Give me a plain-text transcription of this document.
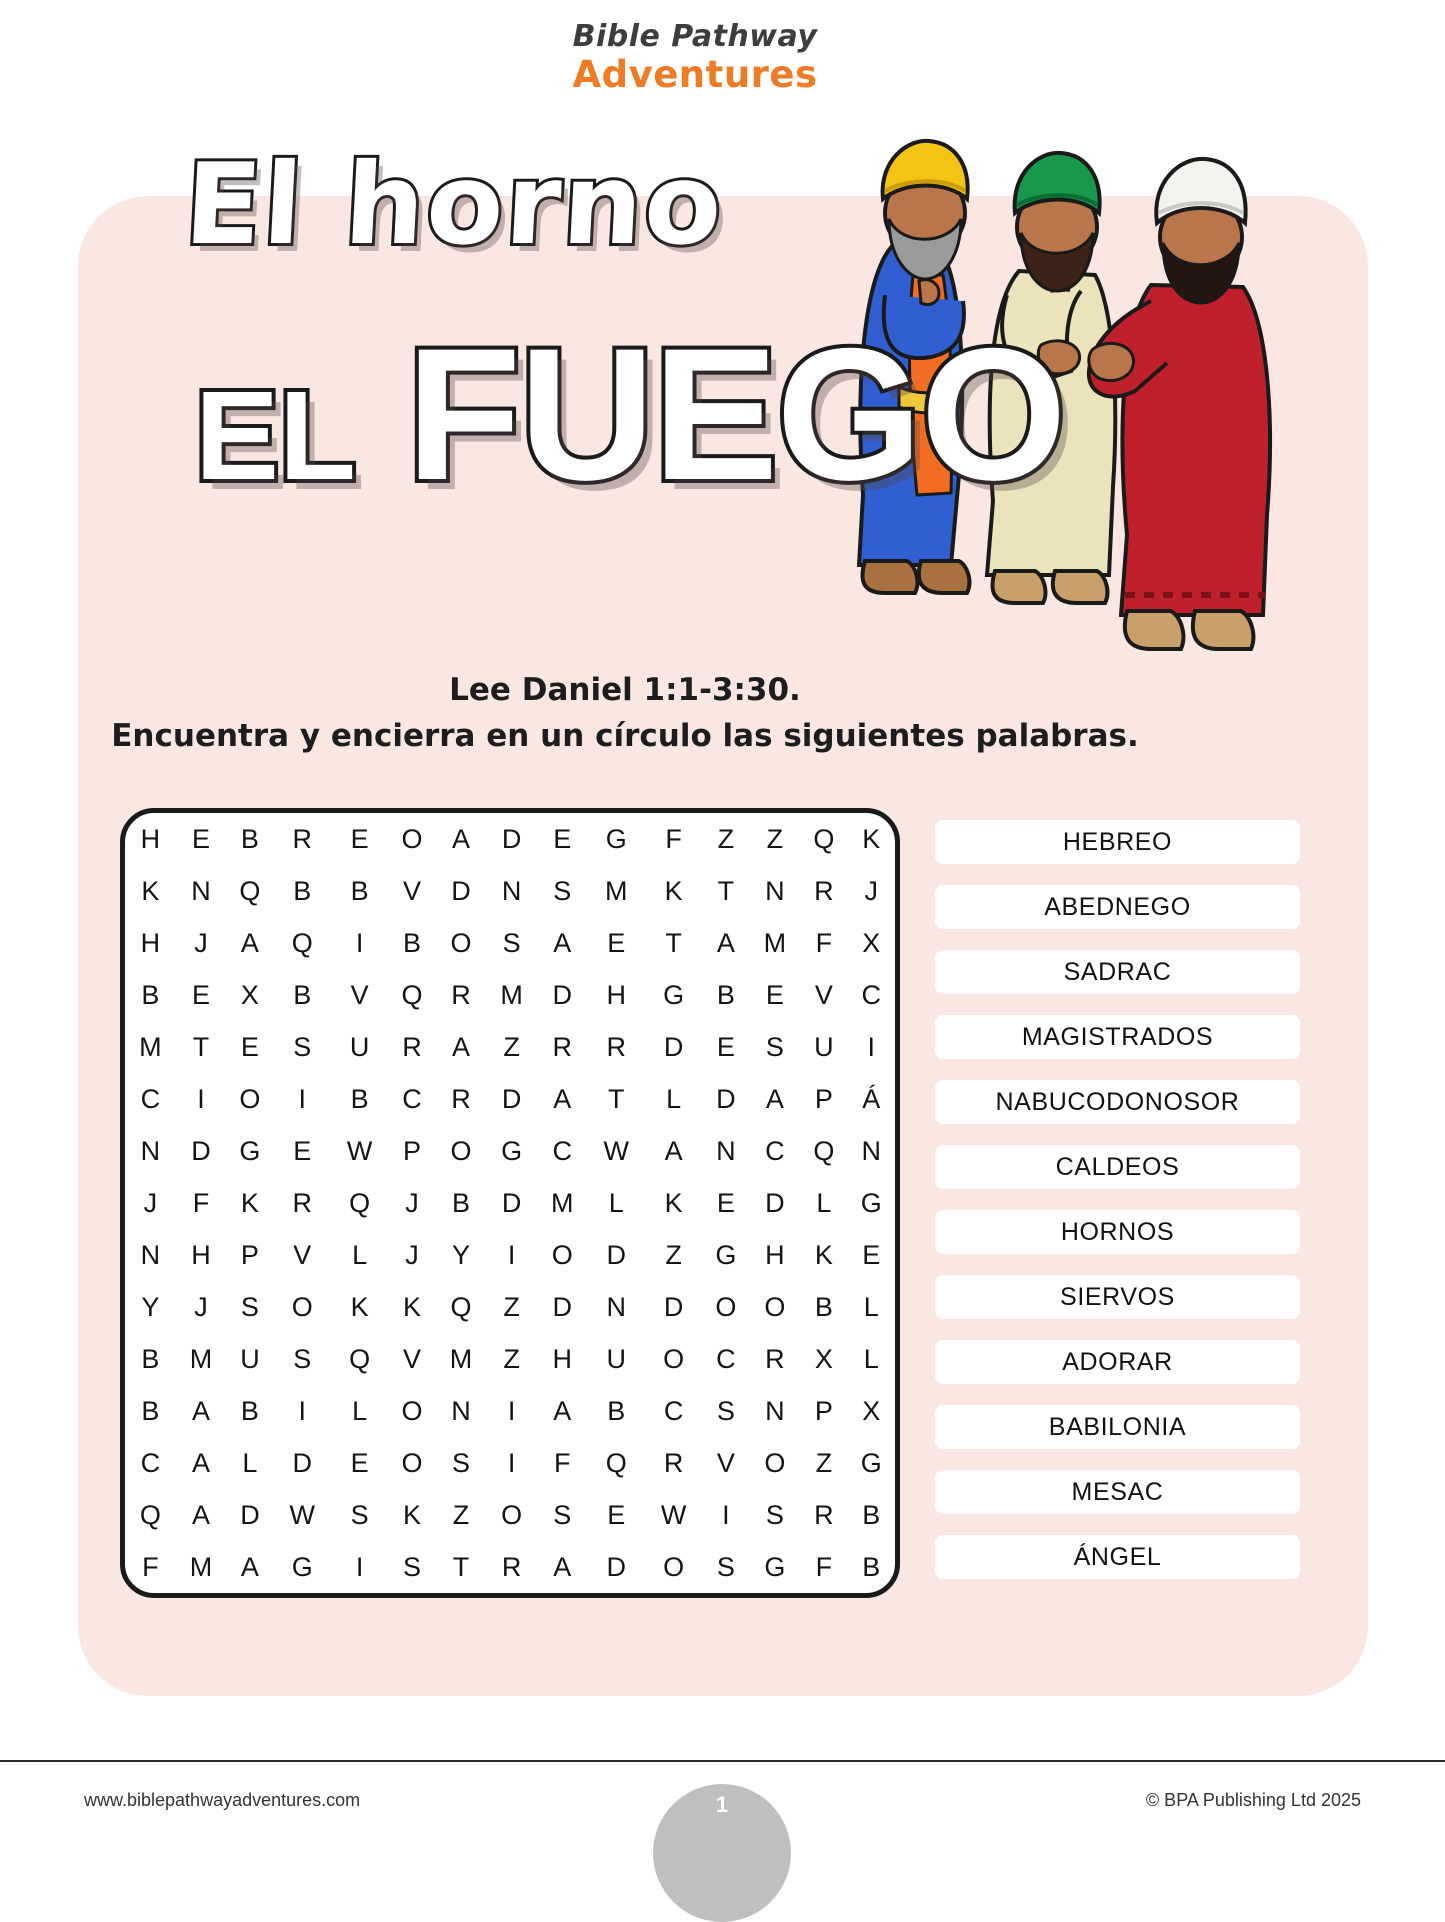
Bible Pathway
Adventures
El horno
EL FUEGO
Lee Daniel 1:1-3:30.
Encuentra y encierra en un círculo las siguientes palabras.
H	E	B	R	E	O	A	D	E	G	F	Z	Z	Q	K
K	N	Q	B	B	V	D	N	S	M	K	T	N	R	J
H	J	A	Q	I	B	O	S	A	E	T	A	M	F	X
B	E	X	B	V	Q	R	M	D	H	G	B	E	V	C
M	T	E	S	U	R	A	Z	R	R	D	E	S	U	I
C	I	O	I	B	C	R	D	A	T	L	D	A	P	Á
N	D	G	E	W	P	O	G	C	W	A	N	C	Q	N
J	F	K	R	Q	J	B	D	M	L	K	E	D	L	G
N	H	P	V	L	J	Y	I	O	D	Z	G	H	K	E
Y	J	S	O	K	K	Q	Z	D	N	D	O	O	B	L
B	M	U	S	Q	V	M	Z	H	U	O	C	R	X	L
B	A	B	I	L	O	N	I	A	B	C	S	N	P	X
C	A	L	D	E	O	S	I	F	Q	R	V	O	Z	G
Q	A	D	W	S	K	Z	O	S	E	W	I	S	R	B
F	M	A	G	I	S	T	R	A	D	O	S	G	F	B
HEBREO
ABEDNEGO
SADRAC
MAGISTRADOS
NABUCODONOSOR
CALDEOS
HORNOS
SIERVOS
ADORAR
BABILONIA
MESAC
ÁNGEL
www.biblepathwayadventures.com	© BPA Publishing Ltd 2025
1
